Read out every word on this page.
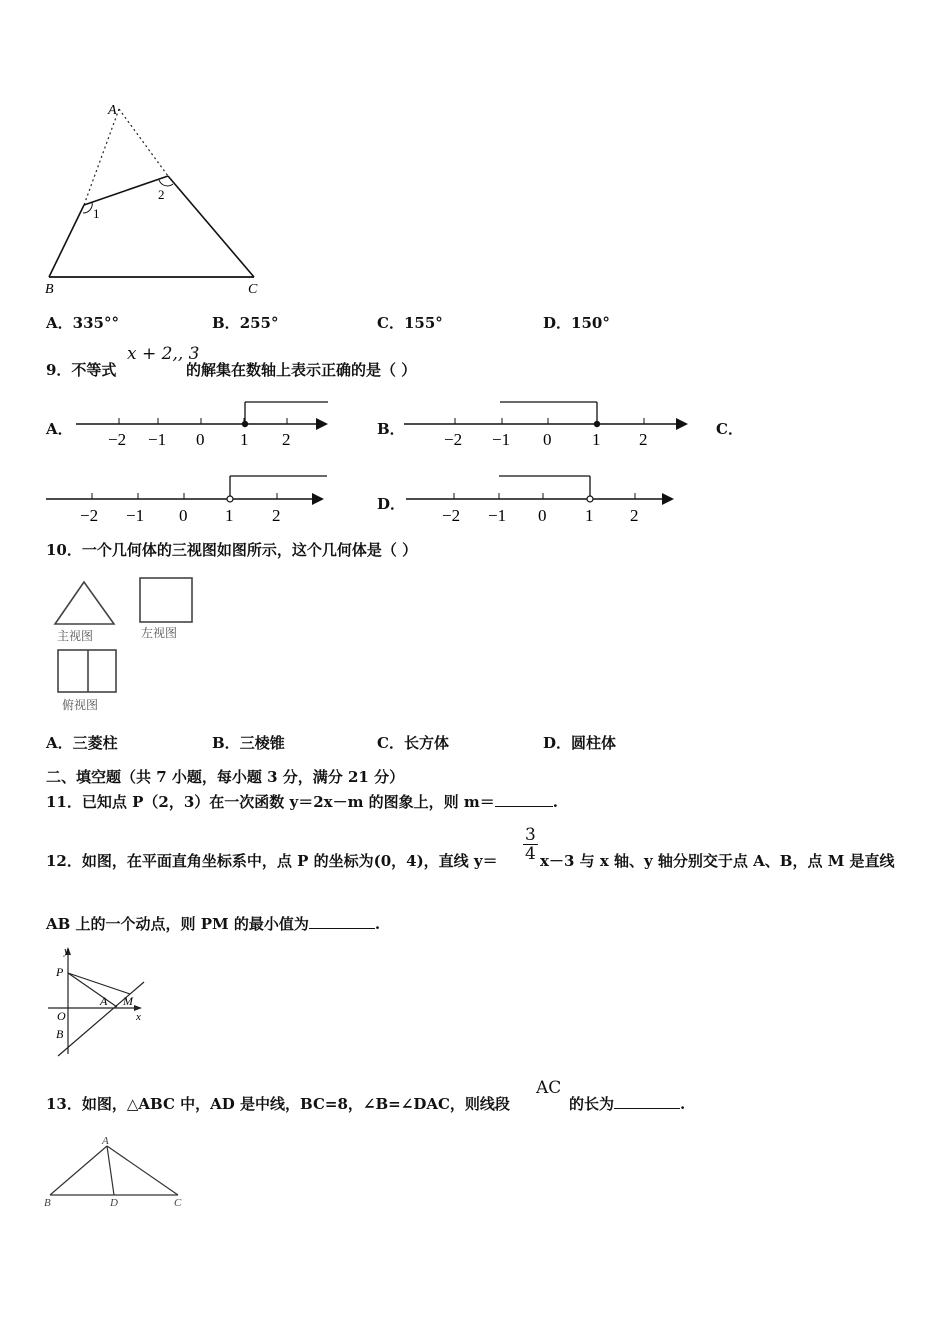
A
1
2
B	C
A．335°°	B．255°	C．155°	D．150°
9．不等式
x + 2,, 3
的解集在数轴上表示正确的是（ ）
A．	B．	C．
D．
−2 −1 0 1 2	−2 −1 0 1 2
−2 −1 0 1 2	−2 −1 0 1 2
10．一个几何体的三视图如图所示，这个几何体是（ ）
主视图	左视图
俯视图
A．三菱柱	B．三棱锥	C．长方体	D．圆柱体
二、填空题（共 7 小题，每小题 3 分，满分 21 分）
11．已知点 P（2，3）在一次函数 y＝2x－m 的图象上，则 m＝	.
12．如图，在平面直角坐标系中，点 P 的坐标为(0，4)，直线 $y= \frac{3}{4} x-3$ 与 x 轴、y 轴分别交于点 A、B，点 M 是直线
AB 上的一个动点，则 PM 的最小值为	.
y
P
A M
O	x
B
13．如图，△ABC 中，AD 是中线，BC=8，∠B=∠DAC，则线段
AC
的长为	.
A
B	D	C
